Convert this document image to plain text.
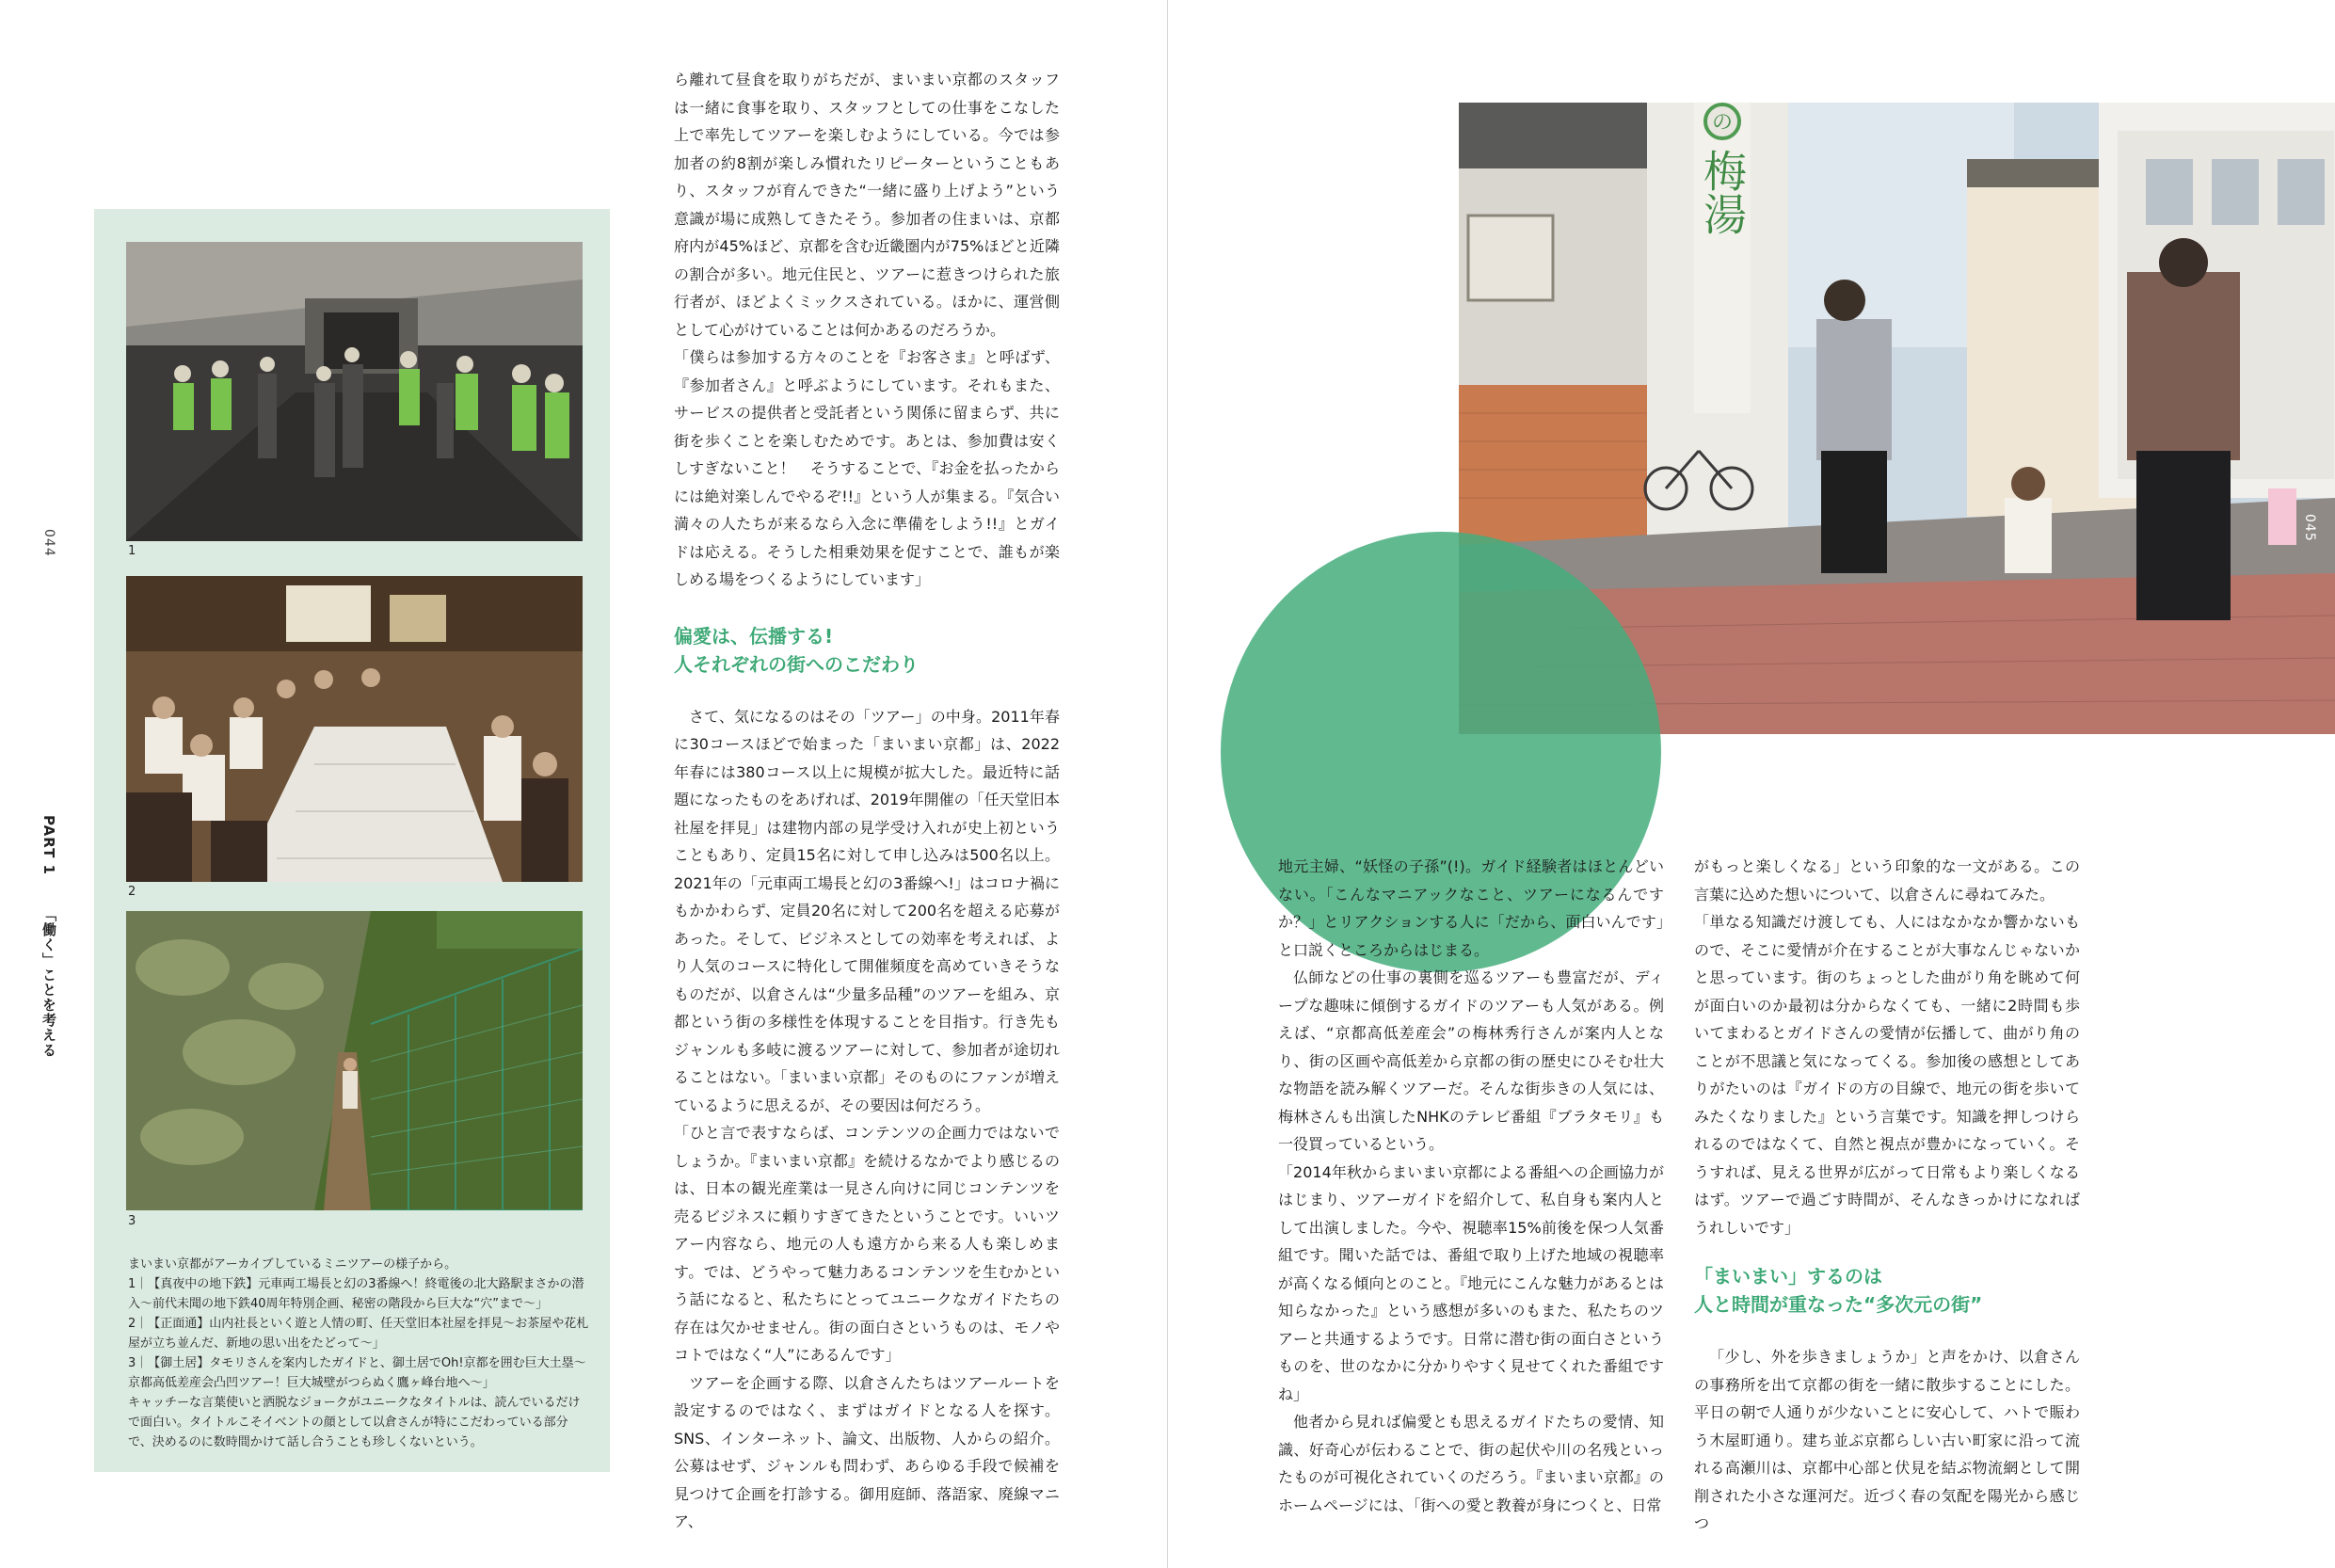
1
2
3

まいまい京都がアーカイブしているミニツアーの様子から。

1｜【真夜中の地下鉄】元車両工場長と幻の3番線へ！終電後の北大路駅まさかの潜入～前代未聞の地下鉄40周年特別企画、秘密の階段から巨大な“穴”まで～」

2｜【正面通】山内社長といく遊と人情の町、任天堂旧本社屋を拝見～お茶屋や花札屋が立ち並んだ、新地の思い出をたどって～」

3｜【御土居】タモリさんを案内したガイドと、御土居でOh!京都を囲む巨大土塁～京都高低差産会凸凹ツアー！巨大城壁がつらぬく鷹ヶ峰台地へ～」

キャッチーな言葉使いと洒脱なジョークがユニークなタイトルは、読んでいるだけで面白い。タイトルこそイベントの顔として以倉さんが特にこだわっている部分で、決めるのに数時間かけて話し合うことも珍しくないという。

044
PART 1 「働く」ことを考える

ら離れて昼食を取りがちだが、まいまい京都のスタッフは一緒に食事を取り、スタッフとしての仕事をこなした上で率先してツアーを楽しむようにしている。今では参加者の約8割が楽しみ慣れたリピーターということもあり、スタッフが育んできた“一緒に盛り上げよう”という意識が場に成熟してきたそう。参加者の住まいは、京都府内が45%ほど、京都を含む近畿圏内が75%ほどと近隣の割合が多い。地元住民と、ツアーに惹きつけられた旅行者が、ほどよくミックスされている。ほかに、運営側として心がけていることは何かあるのだろうか。

「僕らは参加する方々のことを『お客さま』と呼ばず、『参加者さん』と呼ぶようにしています。それもまた、サービスの提供者と受託者という関係に留まらず、共に街を歩くことを楽しむためです。あとは、参加費は安くしすぎないこと！　そうすることで、『お金を払ったからには絶対楽しんでやるぞ!!』という人が集まる。『気合い満々の人たちが来るなら入念に準備をしよう!!』とガイドは応える。そうした相乗効果を促すことで、誰もが楽しめる場をつくるようにしています」

偏愛は、伝播する!

人それぞれの街へのこだわり

さて、気になるのはその「ツアー」の中身。2011年春に30コースほどで始まった「まいまい京都」は、2022年春には380コース以上に規模が拡大した。最近特に話題になったものをあげれば、2019年開催の「任天堂旧本社屋を拝見」は建物内部の見学受け入れが史上初ということもあり、定員15名に対して申し込みは500名以上。2021年の「元車両工場長と幻の3番線へ!」はコロナ禍にもかかわらず、定員20名に対して200名を超える応募があった。そして、ビジネスとしての効率を考えれば、より人気のコースに特化して開催頻度を高めていきそうなものだが、以倉さんは“少量多品種”のツアーを組み、京都という街の多様性を体現することを目指す。行き先もジャンルも多岐に渡るツアーに対して、参加者が途切れることはない。「まいまい京都」そのものにファンが増えているように思えるが、その要因は何だろう。

「ひと言で表すならば、コンテンツの企画力ではないでしょうか。『まいまい京都』を続けるなかでより感じるのは、日本の観光産業は一見さん向けに同じコンテンツを売るビジネスに頼りすぎてきたということです。いいツアー内容なら、地元の人も遠方から来る人も楽しめます。では、どうやって魅力あるコンテンツを生むかという話になると、私たちにとってユニークなガイドたちの存在は欠かせません。街の面白さというものは、モノやコトではなく“人”にあるんです」

ツアーを企画する際、以倉さんたちはツアールートを設定するのではなく、まずはガイドとなる人を探す。SNS、インターネット、論文、出版物、人からの紹介。公募はせず、ジャンルも問わず、あらゆる手段で候補を見つけて企画を打診する。御用庭師、落語家、廃線マニア、

の
梅湯
045

地元主婦、“妖怪の子孫”(!)。ガイド経験者はほとんどいない。「こんなマニアックなこと、ツアーになるんですか？」とリアクションする人に「だから、面白いんです」と口説くところからはじまる。

仏師などの仕事の裏側を巡るツアーも豊富だが、ディープな趣味に傾倒するガイドのツアーも人気がある。例えば、“京都高低差産会”の梅林秀行さんが案内人となり、街の区画や高低差から京都の街の歴史にひそむ壮大な物語を読み解くツアーだ。そんな街歩きの人気には、梅林さんも出演したNHKのテレビ番組『ブラタモリ』も一役買っているという。

「2014年秋からまいまい京都による番組への企画協力がはじまり、ツアーガイドを紹介して、私自身も案内人として出演しました。今や、視聴率15%前後を保つ人気番組です。聞いた話では、番組で取り上げた地域の視聴率が高くなる傾向とのこと。『地元にこんな魅力があるとは知らなかった』という感想が多いのもまた、私たちのツアーと共通するようです。日常に潜む街の面白さというものを、世のなかに分かりやすく見せてくれた番組ですね」

他者から見れば偏愛とも思えるガイドたちの愛情、知識、好奇心が伝わることで、街の起伏や川の名残といったものが可視化されていくのだろう。『まいまい京都』のホームページには、「街への愛と教養が身につくと、日常

がもっと楽しくなる」という印象的な一文がある。この言葉に込めた想いについて、以倉さんに尋ねてみた。

「単なる知識だけ渡しても、人にはなかなか響かないもので、そこに愛情が介在することが大事なんじゃないかと思っています。街のちょっとした曲がり角を眺めて何が面白いのか最初は分からなくても、一緒に2時間も歩いてまわるとガイドさんの愛情が伝播して、曲がり角のことが不思議と気になってくる。参加後の感想としてありがたいのは『ガイドの方の目線で、地元の街を歩いてみたくなりました』という言葉です。知識を押しつけられるのではなくて、自然と視点が豊かになっていく。そうすれば、見える世界が広がって日常もより楽しくなるはず。ツアーで過ごす時間が、そんなきっかけになればうれしいです」

「まいまい」するのは

人と時間が重なった“多次元の街”

「少し、外を歩きましょうか」と声をかけ、以倉さんの事務所を出て京都の街を一緒に散歩することにした。平日の朝で人通りが少ないことに安心して、ハトで賑わう木屋町通り。建ち並ぶ京都らしい古い町家に沿って流れる高瀬川は、京都中心部と伏見を結ぶ物流網として開削された小さな運河だ。近づく春の気配を陽光から感じつ
